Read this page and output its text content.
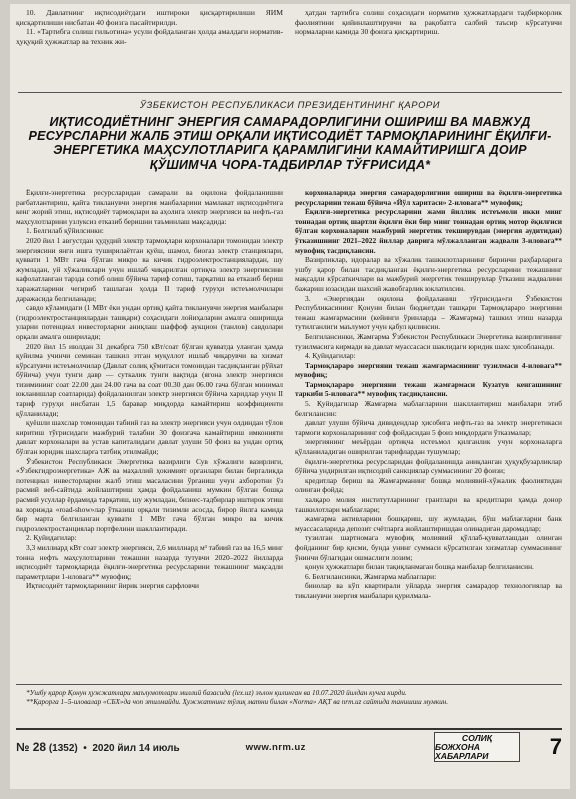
10. Давлатнинг иқтисодиётдаги иштироки қисқартирилиши ЯИМ қисқартилиши нисбатан 40 фоизга пасайтирилди.

11. «Тартибга солиш гильотина» усули фойдаланган ҳолда амалдаги норматив-ҳуқуқий ҳужжатлар ва техник жи-

ҳатдан тартибга солиш соҳасидаги норматив ҳужжатлардаги тадбиркорлик фаолиятини қийинлаштирувчи ва рақобатга салбий таъсир кўрсатувчи нормаларни камида 30 фоизга қисқартириш.

ЎЗБЕКИСТОН РЕСПУБЛИКАСИ ПРЕЗИДЕНТИНИНГ ҚАРОРИ
ИҚТИСОДИЁТНИНГ ЭНЕРГИЯ САМАРАДОРЛИГИНИ ОШИРИШ ВА МАВЖУД РЕСУРСЛАРНИ ЖАЛБ ЭТИШ ОРҚАЛИ ИҚТИСОДИЁТ ТАРМОҚЛАРИНИНГ ЁҚИЛҒИ-ЭНЕРГЕТИКА МАҲСУЛОТЛАРИГА ҚАРАМЛИГИНИ КАМАЙТИРИШГА ДОИР ҚЎШИМЧА ЧОРА-ТАДБИРЛАР ТЎҒРИСИДА*

Ёқилғи-энергетика ресурсларидан самарали ва оқилона фойдаланишни рағбатлантириш, қайта тикланувчи энергия манбаларини мамлакат иқтисодиётига кенг жорий этиш, иқтисодиёт тармоқлари ва аҳолига электр энергияси ва нефть-газ маҳсулотларини узлуксиз етказиб беришни таъминлаш мақсадида:

1. Белгилаб қўйилсинки:

2020 йил 1 августдан ҳудудий электр тармоқлари корхоналари томонидан электр энергиясини янги ишга туширилаётган қуёш, шамол, биогаз электр станциялари, қуввати 1 МВт гача бўлган микро ва кичик гидроэлектростанциялардан, шу жумладан, уй хўжаликлари учун ишлаб чиқарилган ортиқча электр энергиясини кафолатланган тарзда сотиб олиш бўйича тариф сотиш, тарқатиш ва етказиб бериш харажатларини чегириб ташлаган ҳолда II тариф гуруҳи истеъмолчилари даражасида белгиланади;

савдо кўламидаги (1 МВт ёки ундан ортиқ) қайта тикланувчи энергия манбалари (гидроэлектростанциялардан ташқари) соҳасидаги лойиҳаларни амалга оширишда уларни потенциал инвесторларни аниқлаш шаффоф аукцион (танлов) савдолари орқали амалга оширилади;

2020 йил 15 июлдан 31 декабрга 750 кВт/соат бўлган қувватда уланган ҳамда қуйилма учинчи семинан ташкил этган муқуллот ишлаб чиқарувчи ва хизмат кўрсатувчи истеъмолчилар (Давлат солиқ қўмитаси томонидан тасдиқланган рўйхат бўйича) учун тунги давр — суткалик тунги вақтида (ягона электр энергияси тизимининг соат 22.00 дан 24.00 гача ва соат 00.30 дан 06.00 гача бўлган минимал юкланишлар соатларида) фойдаланилган электр энергияси бўйича харидлар учун II тариф гуруҳи нисбатан 1,5 баравар миқдорда камайтириш коэффициенти қўлланилади;

қуёшли шахслар томонидан табиий газ ва электр энергияси учун олдиндан тўлов киритиш тўғрисидаги мажбурий талабни 30 фоизгача камайтириш имконияти давлат корхоналари ва устав капиталидаги давлат улуши 50 фоиз ва ундан ортиқ бўлган юридик шахсларга татбиқ этилмайди;

Ўзбекистон Республикаси Энергетика вазирлиги Сув хўжалиги вазирлиги, «Ўзбекгидроэнергетика» АЖ ва маҳаллий ҳокимият органлари билан биргаликда потенциал инвесторларни жалб этиш масаласини ўрганиш учун ахборотни ўз расмий веб-сайтида жойлаштириш ҳамда фойдаланиш мумкин бўлган бошқа расмий усуллар ёрдамида тарқатиш, шу жумладан, бизнес-тадбирлар иштирок этиш ва хорижда «road-show»лар ўтказиш орқали тизимли асосда, бирор йилга камида бир марта белгиланган қуввати 1 МВт гача бўлган микро ва кичик гидроэлектростанциялар портфелини шакллантиради.

2. Қуйидагилар:

3,3 миллиард кВт соат электр энергияси, 2,6 миллиард м³ табиий газ ва 16,5 минг тонна нефть маҳсулотларини тежашни назарда тутувчи 2020–2022 йилларда иқтисодиёт тармоқларида ёқилғи-энергетика ресурсларини тежашнинг мақсадли параметрлари 1-иловага** мувофиқ;

Иқтисодиёт тармоқларининг йирик энергия сарфловчи

корхоналарида энергия самарадорлигини ошириш ва ёқилғи-энергетика ресурсларини тежаш бўйича «Йўл харитаси» 2-иловага** мувофиқ;

Ёқилғи-энергетика ресурсларини жами йиллик истеъмоли икки минг тоннадан ортиқ шартли ёқилғи ёки бир минг тоннадан ортиқ мотор ёқилғиси бўлган корхоналарни мажбурий энергетик текширувдан (энергия аудитидан) ўтказишнинг 2021–2022 йиллар даврига мўлжалланган жадвали 3-иловага** мувофиқ тасдиқлансин.

Вазирликлар, идоралар ва хўжалик ташкилотларининг биринчи раҳбарларига ушбу қарор билан тасдиқланган ёқилғи-энергетика ресурсларини тежашнинг мақсадли кўрсаткичлари ва мажбурий энергетик текширувлар ўтказиш жадвалини бажариш юзасидан шахсий жавобгарлик юклатилсин.

3. «Энергиядан оқилона фойдаланиш тўғрисида»ги Ўзбекистон Республикасининг Қонуни билан бюджетдан ташқари Тармоқлараро энергияни тежаш жамғармасини (кейинги ўринларда – Жамғарма) ташкил этиш назарда тутилганлиги маълумот учун қабул қилинсин.

Белгилансинки, Жамғарма Ўзбекистон Республикаси Энергетика вазирлигининг тузилмасига кирмади ва давлат муассасаси шаклидаги юридик шахс ҳисобланади.

4. Қуйидагилар:

Тармоқлараро энергияни тежаш жамғармасининг тузилмаси 4-иловага** мувофиқ;

Тармоқлараро энергияни тежаш жамғармаси Кузатув кенгашининг таркиби 5-иловага** мувофиқ тасдиқлансин.

5. Қуйидагилар Жамғарма маблағларини шакллантириш манбалари этиб белгилансин:

давлат улуши бўйича дивидендлар ҳисобига нефть-газ ва электр энергетикаси тармоғи корхоналарининг соф фойдасидан 5 фоиз миқдордаги ўтказмалар;

энергиянинг меъёрдан ортиқча истеъмол қилганлик учун корхоналарга қўлланиладиган оширилган тарифлардан тушумлар;

ёқилғи-энергетика ресурсларидан фойдаланишда аниқланган ҳуқуқбузарликлар бўйича ундирилган иқтисодий санкциялар суммасининг 20 фоизи;

кредитлар бериш ва Жамғарманинг бошқа молиявий-хўжалик фаолиятидан олинган фойда;

халқаро молия институтларининг грантлари ва кредитлари ҳамда донор ташкилотлари маблағлари;

жамғарма активларини бошқариш, шу жумладан, бўш маблағларни банк муассасаларида депозит счётларга жойлаштиришдан олинадиган даромадлар;

тузилган шартномага мувофиқ молиявий қўллаб-қувватлашдан олинган фойданинг бир қисми, бунда унинг суммаси кўрсатилган хизматлар суммасининг ўнинчи бўлагидан ошмаслиги лозим;

қонун ҳужжатлари билан тақиқланмаган бошқа манбалар белгиланисин.

6. Белгилансинки, Жамғарма маблағлари:

бинолар ва кўп квартирали уйларда энергия самарадор технологиялар ва тикланувчи энергия манбалари қурилмала-

*Ушбу қарор Қонун ҳужжатлари маълумотлари миллий базасида (lex.uz) эълон қилинган ва 10.07.2020 йилдан кучга кирди.

**Қарорга 1–5-иловалар «СБХ»да чоп этилмайди. Ҳужжатнинг тўлиқ матни билан «Norma» АҚТ ва nrm.uz сайтида танишиш мумкин.

№ 28 (1352)  •  2020 йил 14 июль	www.nrm.uz
СОЛИҚ
БОЖХОНА ХАБАРЛАРИ	7
